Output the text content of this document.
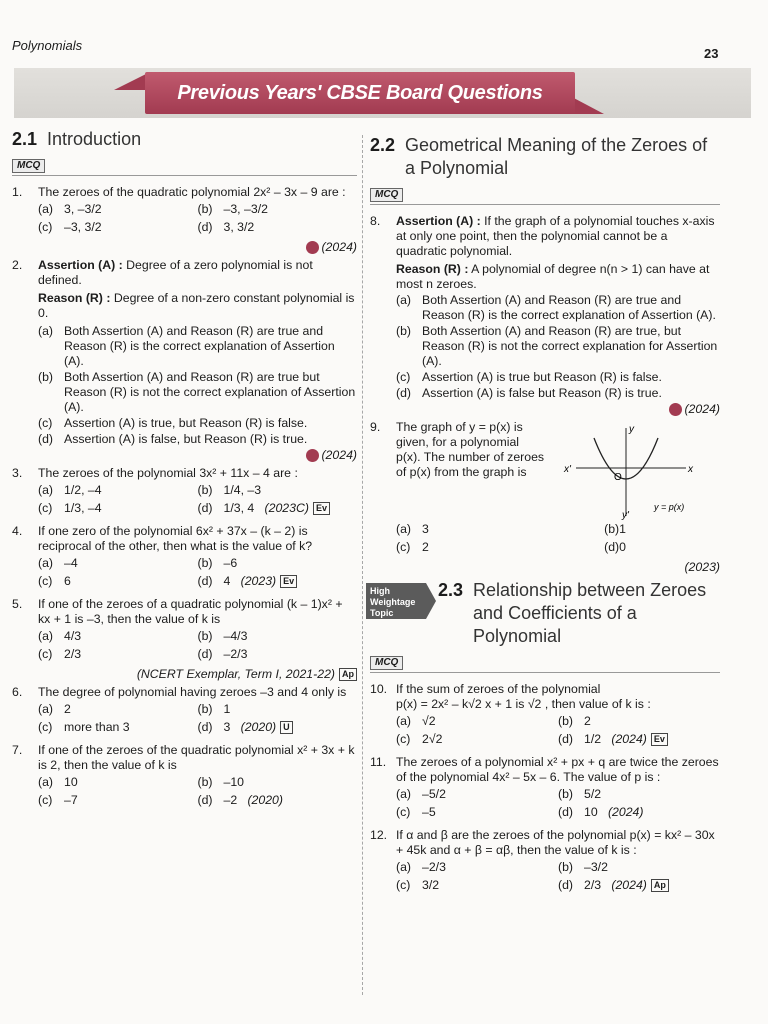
Polynomials
23
Previous Years' CBSE Board Questions
2.1 Introduction
MCQ
1.	The zeroes of the quadratic polynomial 2x² – 3x – 9 are :
(a) 3, –3/2	(b) –3, –3/2
(c) –3, 3/2	(d) 3, 3/2
(2024)
2.	Assertion (A) : Degree of a zero polynomial is not defined.
Reason (R) : Degree of a non-zero constant polynomial is 0.
(a) Both Assertion (A) and Reason (R) are true and Reason (R) is the correct explanation of Assertion (A).
(b) Both Assertion (A) and Reason (R) are true but Reason (R) is not the correct explanation of Assertion (A).
(c) Assertion (A) is true, but Reason (R) is false.
(d) Assertion (A) is false, but Reason (R) is true.
(2024)
3.	The zeroes of the polynomial 3x² + 11x – 4 are :
(a) 1/2, –4	(b) 1/4, –3
(c) 1/3, –4	(d) 1/3, 4 (2023C) Ev
4.	If one zero of the polynomial 6x² + 37x – (k – 2) is reciprocal of the other, then what is the value of k?
(a) –4	(b) –6
(c) 6	(d) 4 (2023) Ev
5.	If one of the zeroes of a quadratic polynomial (k – 1)x² + kx + 1 is –3, then the value of k is
(a) 4/3	(b) –4/3
(c) 2/3	(d) –2/3
(NCERT Exemplar, Term I, 2021-22) Ap
6.	The degree of polynomial having zeroes –3 and 4 only is
(a) 2	(b) 1
(c) more than 3	(d) 3 (2020) U
7.	If one of the zeroes of the quadratic polynomial x² + 3x + k is 2, then the value of k is
(a) 10	(b) –10
(c) –7	(d) –2 (2020)
2.2 Geometrical Meaning of the Zeroes of a Polynomial
MCQ
8.	Assertion (A) : If the graph of a polynomial touches x-axis at only one point, then the polynomial cannot be a quadratic polynomial.
Reason (R) : A polynomial of degree n(n > 1) can have at most n zeroes.
(a) Both Assertion (A) and Reason (R) are true and Reason (R) is the correct explanation of Assertion (A).
(b) Both Assertion (A) and Reason (R) are true, but Reason (R) is not the correct explanation for Assertion (A).
(c) Assertion (A) is true but Reason (R) is false.
(d) Assertion (A) is false but Reason (R) is true.
(2024)
9.	The graph of y = p(x) is given, for a polynomial p(x). The number of zeroes of p(x) from the graph is	x'	x
y
y'
O
y = p(x)
(a) 3	(b)1
(c) 2	(d)0
(2023)
High
Weightage
Topic
2.3 Relationship between Zeroes and Coefficients of a Polynomial
MCQ
10. If the sum of zeroes of the polynomial
p(x) = 2x² – k√2 x + 1 is √2 , then value of k is :
(a) √2	(b) 2
(c) 2√2	(d) 1/2 (2024) Ev
11. The zeroes of a polynomial x² + px + q are twice the zeroes of the polynomial 4x² – 5x – 6. The value of p is :
(a) –5/2	(b) 5/2
(c) –5	(d) 10 (2024)
12. If α and β are the zeroes of the polynomial p(x) = kx² – 30x + 45k and α + β = αβ, then the value of k is :
(a) –2/3	(b) –3/2
(c) 3/2	(d) 2/3 (2024) Ap
